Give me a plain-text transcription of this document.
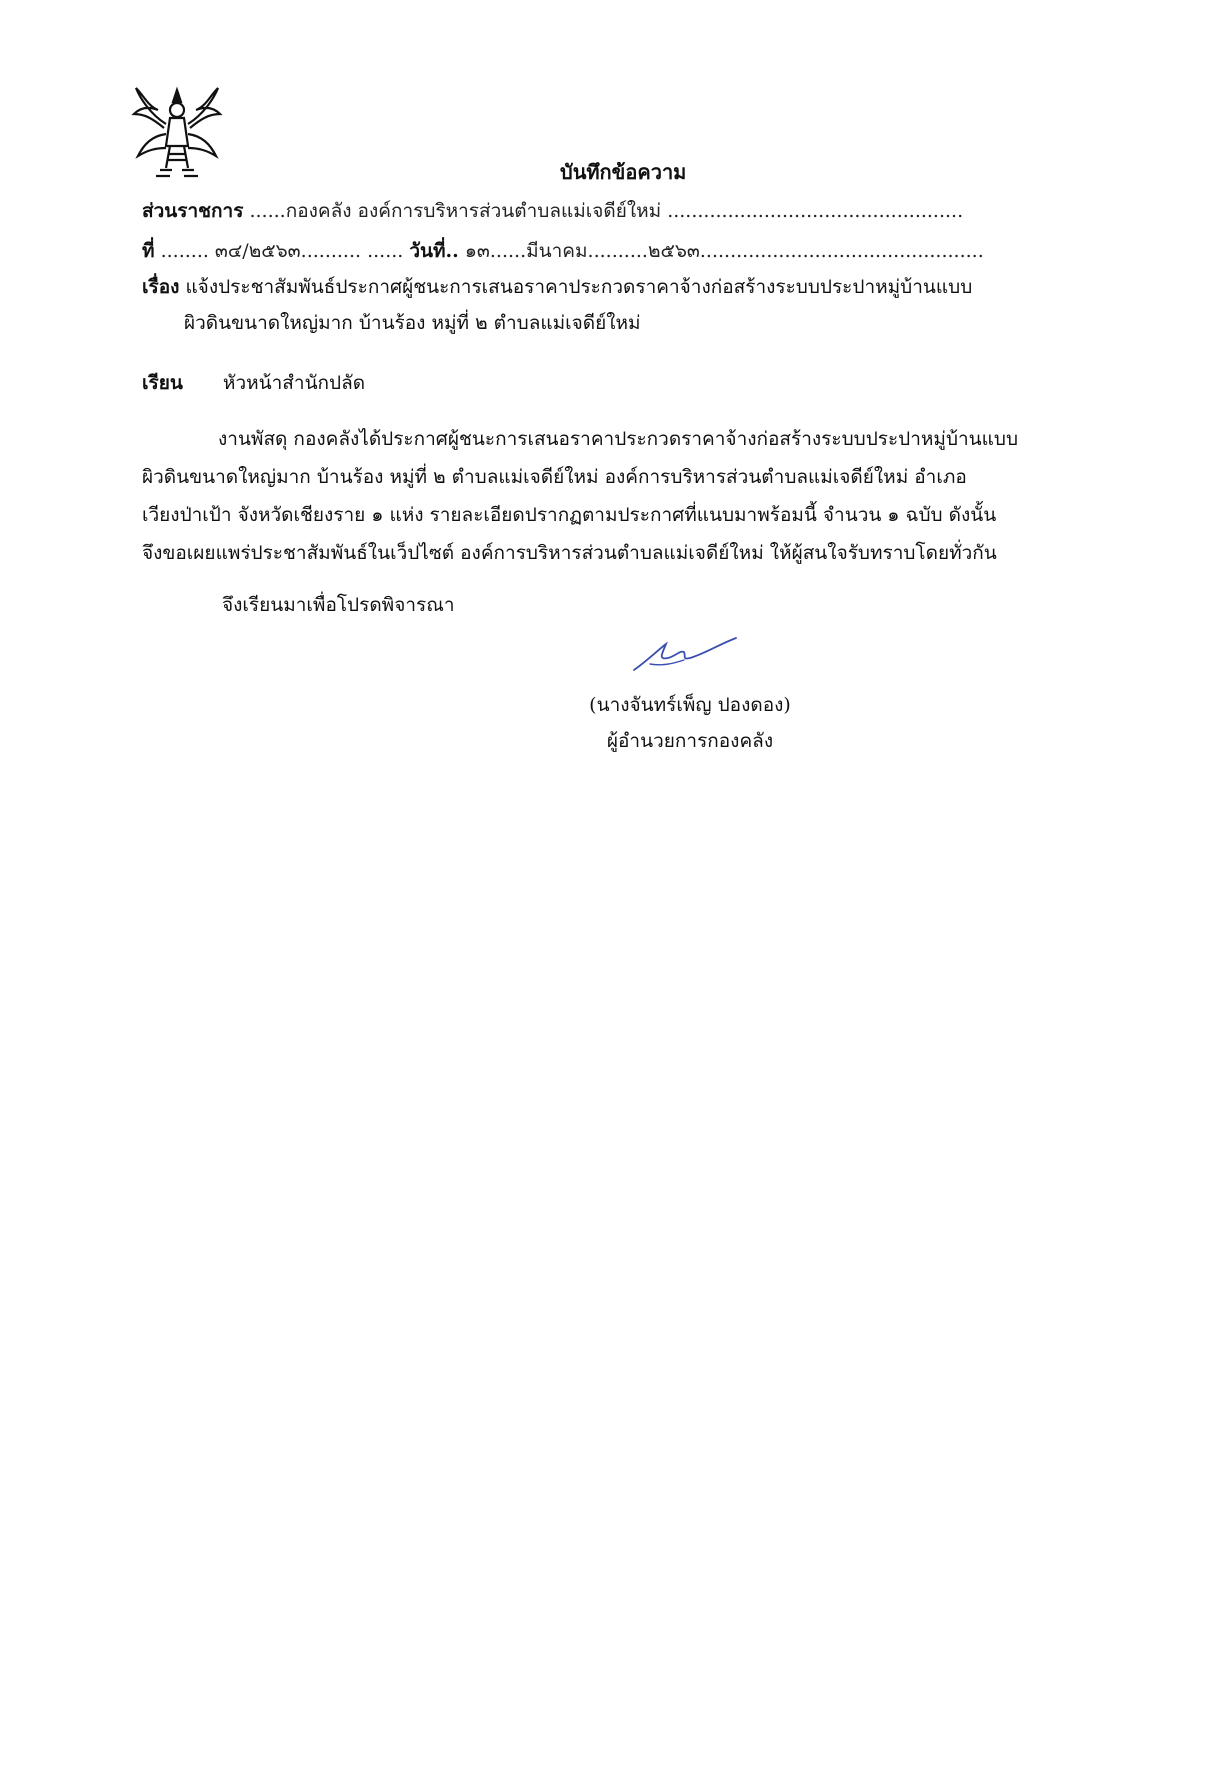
บันทึกข้อความ
ส่วนราชการ ......กองคลัง องค์การบริหารส่วนตำบลแม่เจดีย์ใหม่ .................................................
ที่ ........ ๓๔/๒๕๖๓.......... ...... วันที่.. ๑๓......มีนาคม..........๒๕๖๓...............................................
เรื่อง แจ้งประชาสัมพันธ์ประกาศผู้ชนะการเสนอราคาประกวดราคาจ้างก่อสร้างระบบประปาหมู่บ้านแบบ
ผิวดินขนาดใหญ่มาก บ้านร้อง หมู่ที่ ๒ ตำบลแม่เจดีย์ใหม่
เรียน หัวหน้าสำนักปลัด
งานพัสดุ กองคลังได้ประกาศผู้ชนะการเสนอราคาประกวดราคาจ้างก่อสร้างระบบประปาหมู่บ้านแบบ
ผิวดินขนาดใหญ่มาก บ้านร้อง หมู่ที่ ๒ ตำบลแม่เจดีย์ใหม่ องค์การบริหารส่วนตำบลแม่เจดีย์ใหม่ อำเภอ
เวียงป่าเป้า จังหวัดเชียงราย ๑ แห่ง รายละเอียดปรากฏตามประกาศที่แนบมาพร้อมนี้ จำนวน ๑ ฉบับ ดังนั้น
จึงขอเผยแพร่ประชาสัมพันธ์ในเว็ปไซต์ องค์การบริหารส่วนตำบลแม่เจดีย์ใหม่ ให้ผู้สนใจรับทราบโดยทั่วกัน
จึงเรียนมาเพื่อโปรดพิจารณา
(นางจันทร์เพ็ญ ปองดอง)
ผู้อำนวยการกองคลัง
